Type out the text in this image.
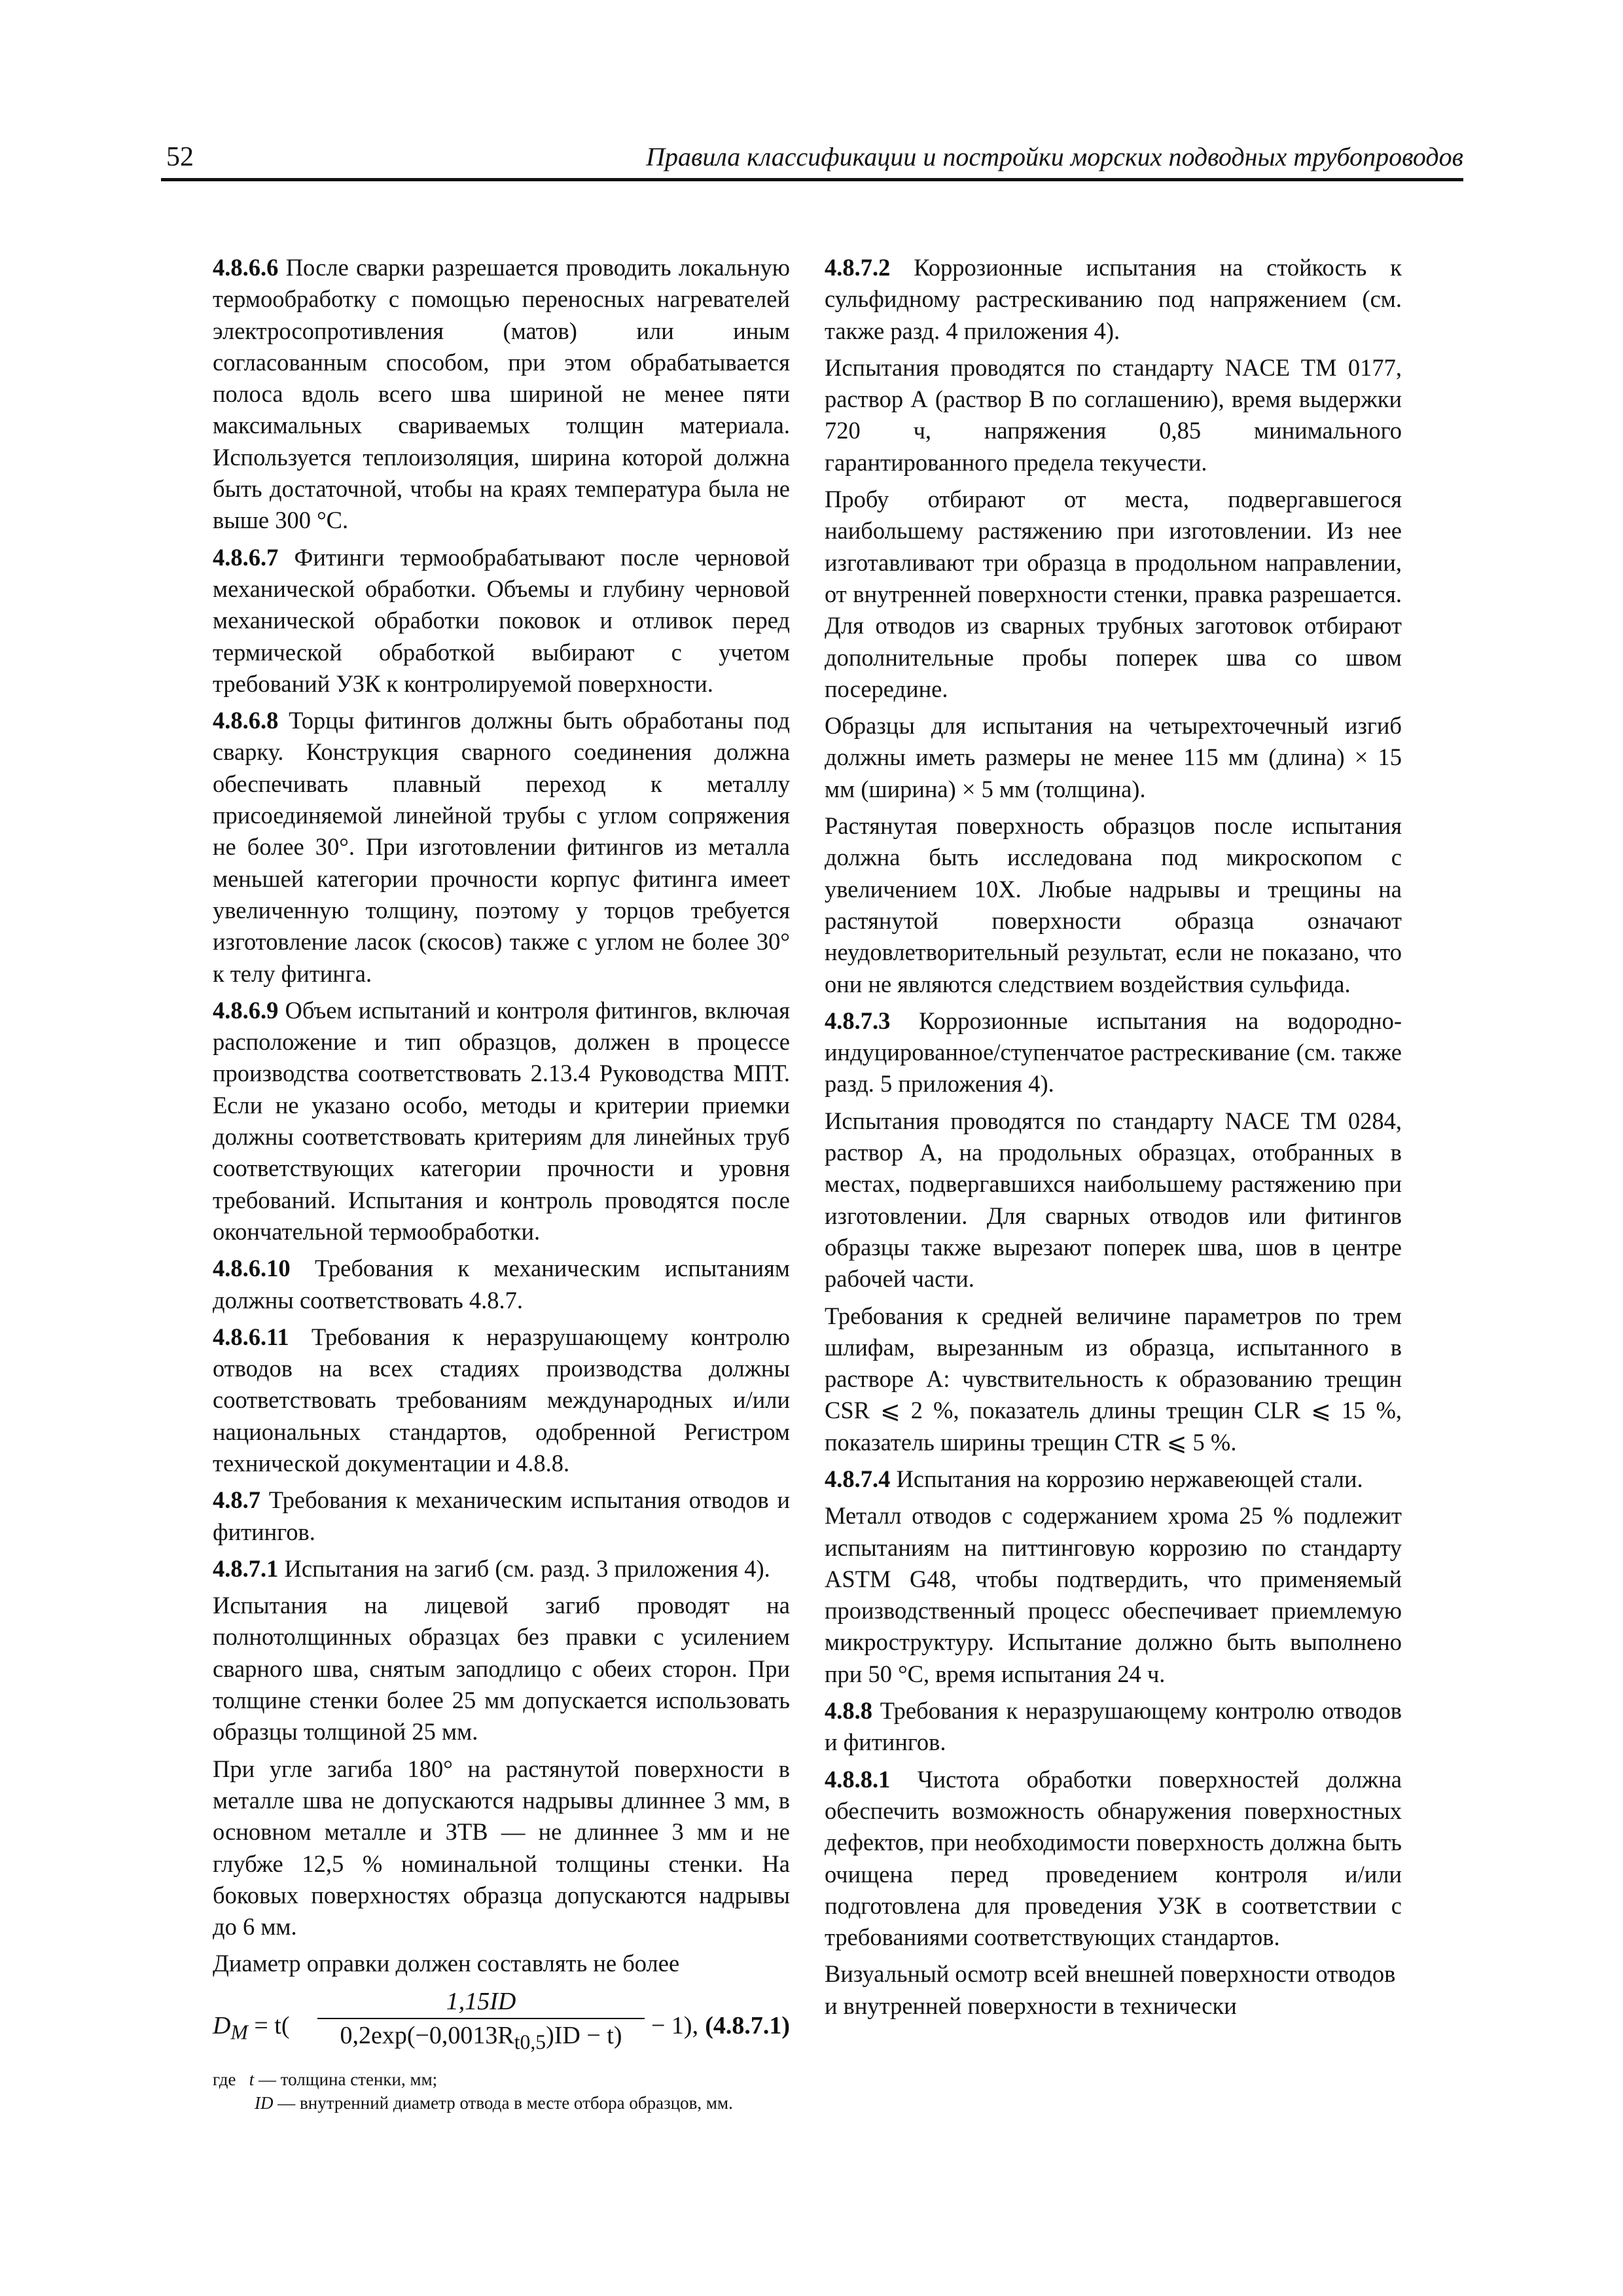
52	Правила классификации и постройки морских подводных трубопроводов

4.8.6.6 После сварки разрешается проводить локальную термообработку с помощью переносных нагревателей электросопротивления (матов) или иным согласованным способом, при этом обрабатывается полоса вдоль всего шва шириной не менее пяти максимальных свариваемых толщин материала. Используется теплоизоляция, ширина которой должна быть достаточной, чтобы на краях температура была не выше 300 °С.

4.8.6.7 Фитинги термообрабатывают после черновой механической обработки. Объемы и глубину черновой механической обработки поковок и отливок перед термической обработкой выбирают с учетом требований УЗК к контролируемой поверхности.

4.8.6.8 Торцы фитингов должны быть обработаны под сварку. Конструкция сварного соединения должна обеспечивать плавный переход к металлу присоединяемой линейной трубы с углом сопряжения не более 30°. При изготовлении фитингов из металла меньшей категории прочности корпус фитинга имеет увеличенную толщину, поэтому у торцов требуется изготовление ласок (скосов) также с углом не более 30° к телу фитинга.

4.8.6.9 Объем испытаний и контроля фитингов, включая расположение и тип образцов, должен в процессе производства соответствовать 2.13.4 Руководства МПТ. Если не указано особо, методы и критерии приемки должны соответствовать критериям для линейных труб соответствующих категории прочности и уровня требований. Испытания и контроль проводятся после окончательной термообработки.

4.8.6.10 Требования к механическим испытаниям должны соответствовать 4.8.7.

4.8.6.11 Требования к неразрушающему контролю отводов на всех стадиях производства должны соответствовать требованиям международных и/или национальных стандартов, одобренной Регистром технической документации и 4.8.8.

4.8.7 Требования к механическим испытания отводов и фитингов.

4.8.7.1 Испытания на загиб (см. разд. 3 приложения 4).

Испытания на лицевой загиб проводят на полнотолщинных образцах без правки с усилением сварного шва, снятым заподлицо с обеих сторон. При толщине стенки более 25 мм допускается использовать образцы толщиной 25 мм.

При угле загиба 180° на растянутой поверхности в металле шва не допускаются надрывы длиннее 3 мм, в основном металле и ЗТВ — не длиннее 3 мм и не глубже 12,5 % номинальной толщины стенки. На боковых поверхностях образца допускаются надрывы до 6 мм.

Диаметр оправки должен составлять не более

$D_M = t$(
1,15ID
$0,2\exp(-0,0013R_{t0,5})ID - t$)	− 1), (4.8.7.1)
где t — толщина стенки, мм;
ID — внутренний диаметр отвода в месте отбора образцов, мм.

4.8.7.2 Коррозионные испытания на стойкость к сульфидному растрескиванию под напряжением (см. также разд. 4 приложения 4).

Испытания проводятся по стандарту NACE TM 0177, раствор А (раствор В по соглашению), время выдержки 720 ч, напряжения 0,85 минимального гарантированного предела текучести.

Пробу отбирают от места, подвергавшегося наибольшему растяжению при изготовлении. Из нее изготавливают три образца в продольном направлении, от внутренней поверхности стенки, правка разрешается. Для отводов из сварных трубных заготовок отбирают дополнительные пробы поперек шва со швом посередине.

Образцы для испытания на четырехточечный изгиб должны иметь размеры не менее 115 мм (длина) × 15 мм (ширина) × 5 мм (толщина).

Растянутая поверхность образцов после испытания должна быть исследована под микроскопом с увеличением 10Х. Любые надрывы и трещины на растянутой поверхности образца означают неудовлетворительный результат, если не показано, что они не являются следствием воздействия сульфида.

4.8.7.3 Коррозионные испытания на водородно-индуцированное/ступенчатое растрескивание (см. также разд. 5 приложения 4).

Испытания проводятся по стандарту NACE TM 0284, раствор А, на продольных образцах, отобранных в местах, подвергавшихся наибольшему растяжению при изготовлении. Для сварных отводов или фитингов образцы также вырезают поперек шва, шов в центре рабочей части.

Требования к средней величине параметров по трем шлифам, вырезанным из образца, испытанного в растворе А: чувствительность к образованию трещин CSR ⩽ 2 %, показатель длины трещин CLR ⩽ 15 %, показатель ширины трещин CTR ⩽ 5 %.

4.8.7.4 Испытания на коррозию нержавеющей стали.

Металл отводов с содержанием хрома 25 % подлежит испытаниям на питтинговую коррозию по стандарту ASTM G48, чтобы подтвердить, что применяемый производственный процесс обеспечивает приемлемую микроструктуру. Испытание должно быть выполнено при 50 °С, время испытания 24 ч.

4.8.8 Требования к неразрушающему контролю отводов и фитингов.

4.8.8.1 Чистота обработки поверхностей должна обеспечить возможность обнаружения поверхностных дефектов, при необходимости поверхность должна быть очищена перед проведением контроля и/или подготовлена для проведения УЗК в соответствии с требованиями соответствующих стандартов.

Визуальный осмотр всей внешней поверхности отводов и внутренней поверхности в технически
